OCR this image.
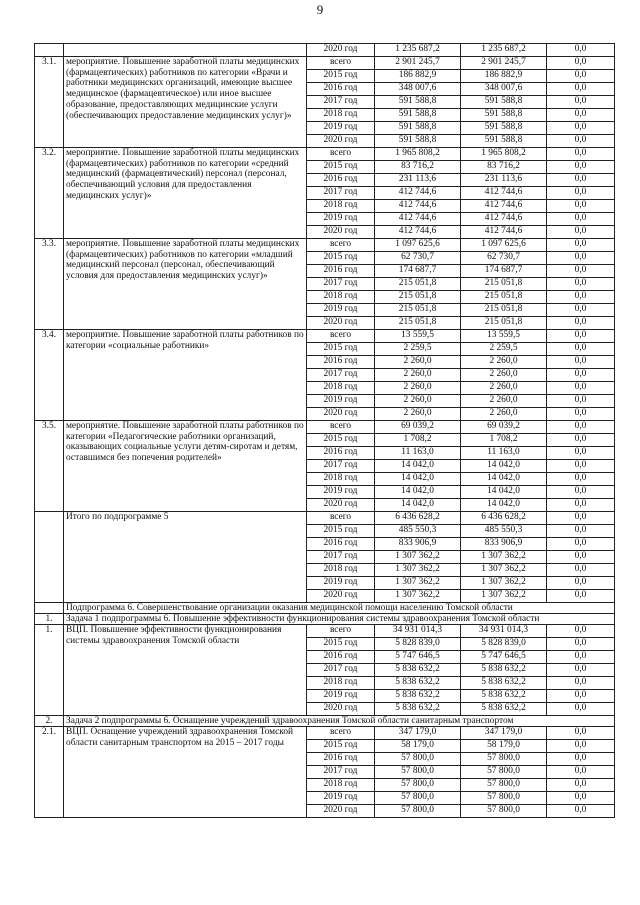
9
		2020 год	1 235 687,2	1 235 687,2	0,0
3.1.	мероприятие. Повышение заработной платы медицинских (фармацевтических) работников по категории «Врачи и работники медицинских организаций, имеющие высшее медицинское (фармацевтическое) или иное высшее образование, предоставляющих медицинские услуги (обеспечивающих предоставление медицинских услуг)»	всего	2 901 245,7	2 901 245,7	0,0
		2015 год	186 882,9	186 882,9	0,0
		2016 год	348 007,6	348 007,6	0,0
		2017 год	591 588,8	591 588,8	0,0
		2018 год	591 588,8	591 588,8	0,0
		2019 год	591 588,8	591 588,8	0,0
		2020 год	591 588,8	591 588,8	0,0
3.2.	мероприятие. Повышение заработной платы медицинских (фармацевтических) работников по категории «средний медицинский (фармацевтический) персонал (персонал, обеспечивающий условия для предоставления медицинских услуг)»	всего	1 965 808,2	1 965 808,2	0,0
		2015 год	83 716,2	83 716,2	0,0
		2016 год	231 113,6	231 113,6	0,0
		2017 год	412 744,6	412 744,6	0,0
		2018 год	412 744,6	412 744,6	0,0
		2019 год	412 744,6	412 744,6	0,0
		2020 год	412 744,6	412 744,6	0,0
3.3.	мероприятие. Повышение заработной платы медицинских (фармацевтических) работников по категории «младший медицинский персонал (персонал, обеспечивающий условия для предоставления медицинских услуг)»	всего	1 097 625,6	1 097 625,6	0,0
		2015 год	62 730,7	62 730,7	0,0
		2016 год	174 687,7	174 687,7	0,0
		2017 год	215 051,8	215 051,8	0,0
		2018 год	215 051,8	215 051,8	0,0
		2019 год	215 051,8	215 051,8	0,0
		2020 год	215 051,8	215 051,8	0,0
3.4.	мероприятие. Повышение заработной платы работников по категории «социальные работники»	всего	13 559,5	13 559,5	0,0
		2015 год	2 259,5	2 259,5	0,0
		2016 год	2 260,0	2 260,0	0,0
		2017 год	2 260,0	2 260,0	0,0
		2018 год	2 260,0	2 260,0	0,0
		2019 год	2 260,0	2 260,0	0,0
		2020 год	2 260,0	2 260,0	0,0
3.5.	мероприятие. Повышение заработной платы работников по категории «Педагогические работники организаций, оказывающих социальные услуги детям-сиротам и детям, оставшимся без попечения родителей»	всего	69 039,2	69 039,2	0,0
		2015 год	1 708,2	1 708,2	0,0
		2016 год	11 163,0	11 163,0	0,0
		2017 год	14 042,0	14 042,0	0,0
		2018 год	14 042,0	14 042,0	0,0
		2019 год	14 042,0	14 042,0	0,0
		2020 год	14 042,0	14 042,0	0,0
	Итого по подпрограмме 5	всего	6 436 628,2	6 436 628,2	0,0
		2015 год	485 550,3	485 550,3	0,0
		2016 год	833 906,9	833 906,9	0,0
		2017 год	1 307 362,2	1 307 362,2	0,0
		2018 год	1 307 362,2	1 307 362,2	0,0
		2019 год	1 307 362,2	1 307 362,2	0,0
		2020 год	1 307 362,2	1 307 362,2	0,0
	Подпрограмма 6. Совершенствование организации оказания медицинской помощи населению Томской области				
1.	Задача 1 подпрограммы 6. Повышение эффективности функционирования системы здравоохранения Томской области				
1.	ВЦП. Повышение эффективности функционирования системы здравоохранения Томской области	всего	34 931 014,3	34 931 014,3	0,0
		2015 год	5 828 839,0	5 828 839,0	0,0
		2016 год	5 747 646,5	5 747 646,5	0,0
		2017 год	5 838 632,2	5 838 632,2	0,0
		2018 год	5 838 632,2	5 838 632,2	0,0
		2019 год	5 838 632,2	5 838 632,2	0,0
		2020 год	5 838 632,2	5 838 632,2	0,0
2.	Задача 2 подпрограммы 6. Оснащение учреждений здравоохранения Томской области санитарным транспортом				
2.1.	ВЦП. Оснащение учреждений здравоохранения Томской области санитарным транспортом на 2015 – 2017 годы	всего	347 179,0	347 179,0	0,0
		2015 год	58 179,0	58 179,0	0,0
		2016 год	57 800,0	57 800,0	0,0
		2017 год	57 800,0	57 800,0	0,0
		2018 год	57 800,0	57 800,0	0,0
		2019 год	57 800,0	57 800,0	0,0
		2020 год	57 800,0	57 800,0	0,0
